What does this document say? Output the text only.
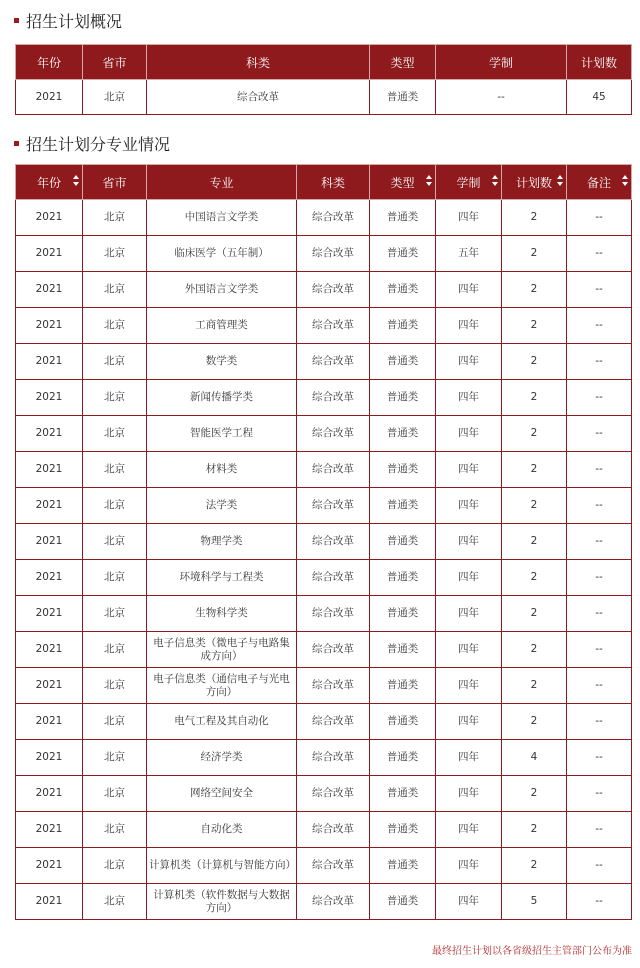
招生计划概况
年份	省市	科类	类型	学制	计划数
2021	北京	综合改革	普通类	--	45
招生计划分专业情况
年份	省市	专业	科类	类型	学制	计划数	备注

2021	北京	中国语言文学类	综合改革	普通类	四年	2	--
2021	北京	临床医学（五年制）	综合改革	普通类	五年	2	--
2021	北京	外国语言文学类	综合改革	普通类	四年	2	--
2021	北京	工商管理类	综合改革	普通类	四年	2	--
2021	北京	数学类	综合改革	普通类	四年	2	--
2021	北京	新闻传播学类	综合改革	普通类	四年	2	--
2021	北京	智能医学工程	综合改革	普通类	四年	2	--
2021	北京	材料类	综合改革	普通类	四年	2	--
2021	北京	法学类	综合改革	普通类	四年	2	--
2021	北京	物理学类	综合改革	普通类	四年	2	--
2021	北京	环境科学与工程类	综合改革	普通类	四年	2	--
2021	北京	生物科学类	综合改革	普通类	四年	2	--
2021	北京	电子信息类（微电子与电路集成方向）	综合改革	普通类	四年	2	--
2021	北京	电子信息类（通信电子与光电方向）	综合改革	普通类	四年	2	--
2021	北京	电气工程及其自动化	综合改革	普通类	四年	2	--
2021	北京	经济学类	综合改革	普通类	四年	4	--
2021	北京	网络空间安全	综合改革	普通类	四年	2	--
2021	北京	自动化类	综合改革	普通类	四年	2	--
2021	北京	计算机类（计算机与智能方向）	综合改革	普通类	四年	2	--
2021	北京	计算机类（软件数据与大数据方向）	综合改革	普通类	四年	5	--
最终招生计划以各省级招生主管部门公布为准
